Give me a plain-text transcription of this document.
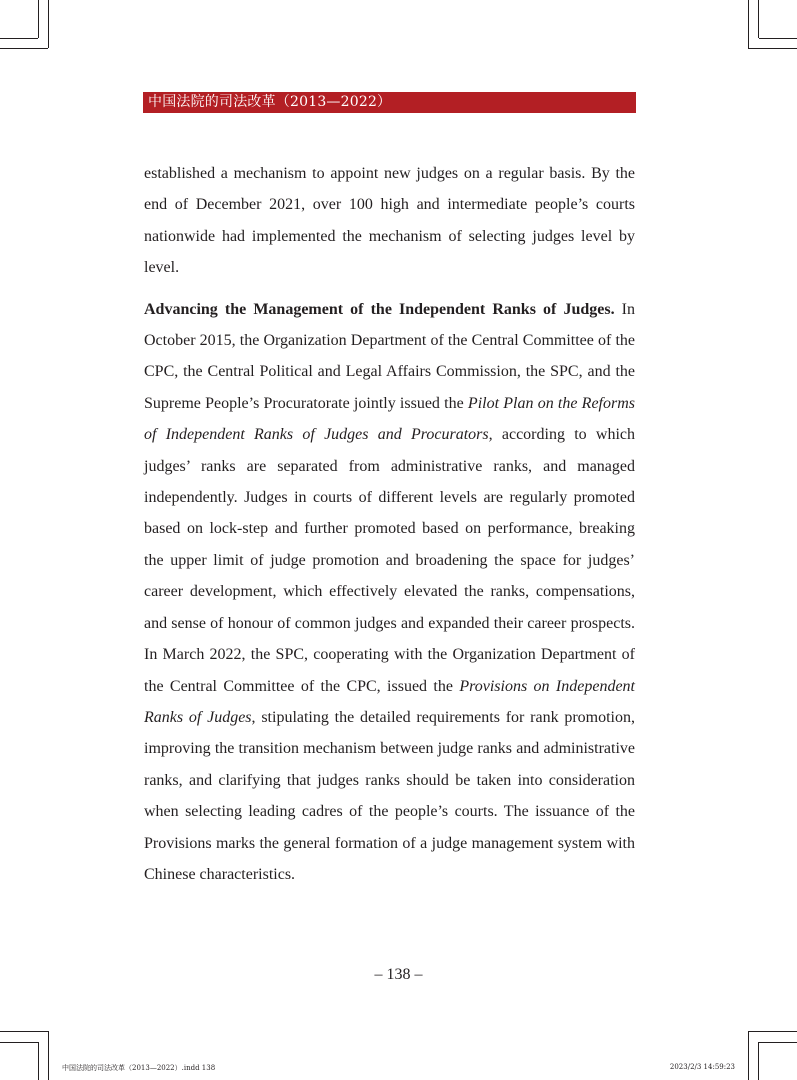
中国法院的司法改革（2013—2022）

established a mechanism to appoint new judges on a regular basis. By the end of December 2021, over 100 high and intermediate people’s courts nationwide had implemented the mechanism of selecting judges level by level.

Advancing the Management of the Independent Ranks of Judges. In October 2015, the Organization Department of the Central Committee of the CPC, the Central Political and Legal Affairs Commission, the SPC, and the Supreme People’s Procuratorate jointly issued the Pilot Plan on the Reforms of Independent Ranks of Judges and Procurators, according to which judges’ ranks are separated from administrative ranks, and managed independently. Judges in courts of different levels are regularly promoted based on lock-step and further promoted based on performance, breaking the upper limit of judge promotion and broadening the space for judges’ career development, which effectively elevated the ranks, compensations, and sense of honour of common judges and expanded their career prospects. In March 2022, the SPC, cooperating with the Organization Department of the Central Committee of the CPC, issued the Provisions on Independent Ranks of Judges, stipulating the detailed requirements for rank promotion, improving the transition mechanism between judge ranks and administrative ranks, and clarifying that judges ranks should be taken into consideration when selecting leading cadres of the people’s courts. The issuance of the Provisions marks the general formation of a judge management system with Chinese characteristics.

– 138 –
中国法院的司法改革（2013—2022）.indd 138	2023/2/3 14:59:23
